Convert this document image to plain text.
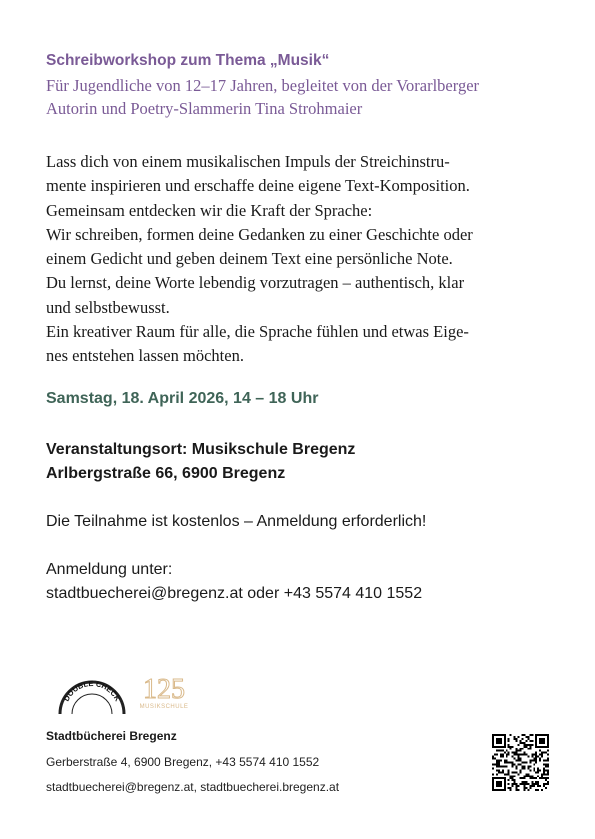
Schreibworkshop zum Thema „Musik“
Für Jugendliche von 12–17 Jahren, begleitet von der Vorarlberger
Autorin und Poetry-Slammerin Tina Strohmaier
Lass dich von einem musikalischen Impuls der Streichinstru-
mente inspirieren und erschaffe deine eigene Text-Komposition.
Gemeinsam entdecken wir die Kraft der Sprache:
Wir schreiben, formen deine Gedanken zu einer Geschichte oder
einem Gedicht und geben deinem Text eine persönliche Note.
Du lernst, deine Worte lebendig vorzutragen – authentisch, klar
und selbstbewusst.
Ein kreativer Raum für alle, die Sprache fühlen und etwas Eige-
nes entstehen lassen möchten.
Samstag, 18. April 2026, 14 – 18 Uhr
Veranstaltungsort: Musikschule Bregenz
Arlbergstraße 66, 6900 Bregenz
Die Teilnahme ist kostenlos – Anmeldung erforderlich!
Anmeldung unter:
stadtbuecherei@bregenz.at oder +43 5574 410 1552
DOUBLE CHECK 125
MUSIKSCHULE
Stadtbücherei Bregenz
Gerberstraße 4, 6900 Bregenz, +43 5574 410 1552
stadtbuecherei@bregenz.at, stadtbuecherei.bregenz.at
